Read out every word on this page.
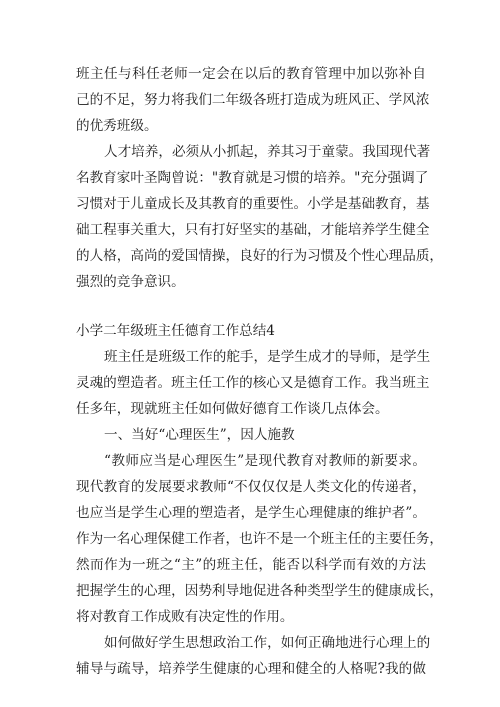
班主任与科任老师一定会在以后的教育管理中加以弥补自
己的不足，努力将我们二年级各班打造成为班风正、学风浓
的优秀班级。
人才培养，必须从小抓起，养其习于童蒙。我国现代著
名教育家叶圣陶曾说："教育就是习惯的培养。"充分强调了
习惯对于儿童成长及其教育的重要性。小学是基础教育，基
础工程事关重大，只有打好坚实的基础，才能培养学生健全
的人格，高尚的爱国情操，良好的行为习惯及个性心理品质，
强烈的竞争意识。
小学二年级班主任德育工作总结4
班主任是班级工作的舵手，是学生成才的导师，是学生
灵魂的塑造者。班主任工作的核心又是德育工作。我当班主
任多年，现就班主任如何做好德育工作谈几点体会。
一、当好“心理医生”，因人施教
“教师应当是心理医生”是现代教育对教师的新要求。
现代教育的发展要求教师“不仅仅仅是人类文化的传递者，
也应当是学生心理的塑造者，是学生心理健康的维护者”。
作为一名心理保健工作者，也许不是一个班主任的主要任务，
然而作为一班之“主”的班主任，能否以科学而有效的方法
把握学生的心理，因势利导地促进各种类型学生的健康成长，
将对教育工作成败有决定性的作用。
如何做好学生思想政治工作，如何正确地进行心理上的
辅导与疏导，培养学生健康的心理和健全的人格呢?我的做
